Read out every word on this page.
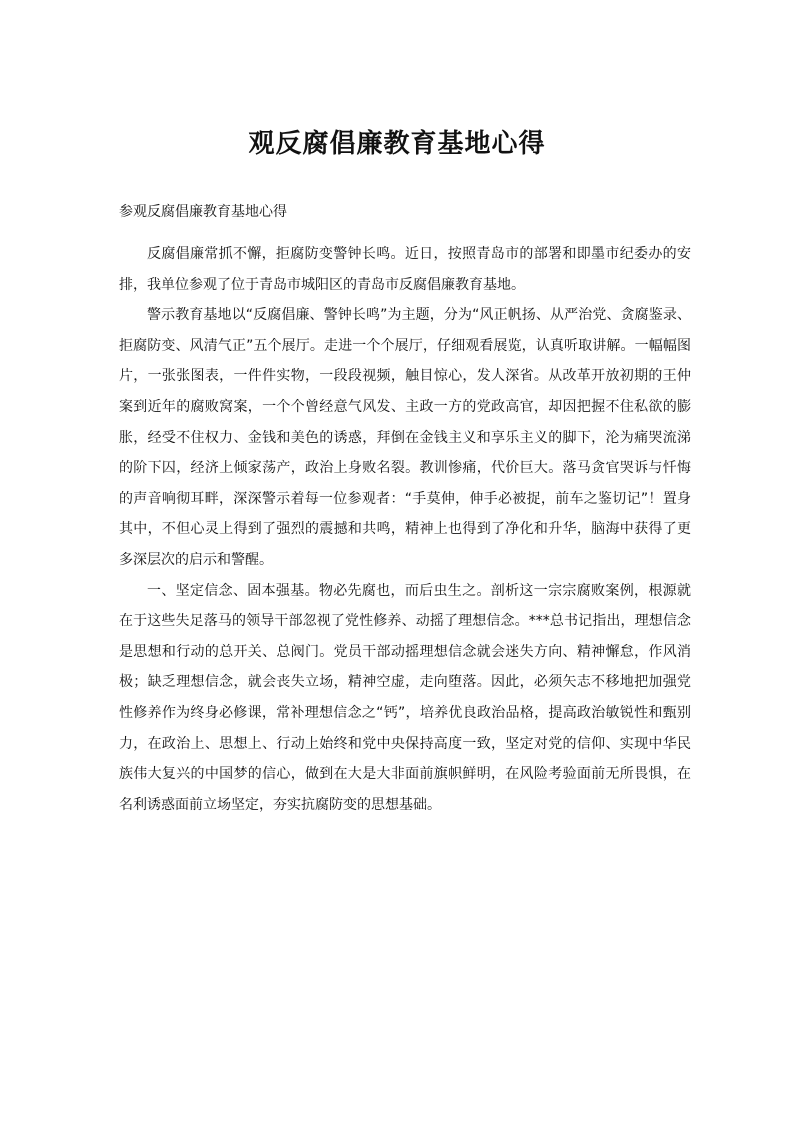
观反腐倡廉教育基地心得

参观反腐倡廉教育基地心得

反腐倡廉常抓不懈，拒腐防变警钟长鸣。近日，按照青岛市的部署和即墨市纪委办的安排，我单位参观了位于青岛市城阳区的青岛市反腐倡廉教育基地。

警示教育基地以“反腐倡廉、警钟长鸣”为主题，分为“风正帆扬、从严治党、贪腐鉴录、拒腐防变、风清气正”五个展厅。走进一个个展厅，仔细观看展览，认真听取讲解。一幅幅图片，一张张图表，一件件实物，一段段视频，触目惊心，发人深省。从改革开放初期的王仲案到近年的腐败窝案，一个个曾经意气风发、主政一方的党政高官，却因把握不住私欲的膨胀，经受不住权力、金钱和美色的诱惑，拜倒在金钱主义和享乐主义的脚下，沦为痛哭流涕的阶下囚，经济上倾家荡产，政治上身败名裂。教训惨痛，代价巨大。落马贪官哭诉与忏悔的声音响彻耳畔，深深警示着每一位参观者：“手莫伸，伸手必被捉，前车之鉴切记”！置身其中，不但心灵上得到了强烈的震撼和共鸣，精神上也得到了净化和升华，脑海中获得了更多深层次的启示和警醒。

一、坚定信念、固本强基。物必先腐也，而后虫生之。剖析这一宗宗腐败案例，根源就在于这些失足落马的领导干部忽视了党性修养、动摇了理想信念。***总书记指出，理想信念是思想和行动的总开关、总阀门。党员干部动摇理想信念就会迷失方向、精神懈怠，作风消极；缺乏理想信念，就会丧失立场，精神空虚，走向堕落。因此，必须矢志不移地把加强党性修养作为终身必修课，常补理想信念之“钙”，培养优良政治品格，提高政治敏锐性和甄别力，在政治上、思想上、行动上始终和党中央保持高度一致，坚定对党的信仰、实现中华民族伟大复兴的中国梦的信心，做到在大是大非面前旗帜鲜明，在风险考验面前无所畏惧，在名利诱惑面前立场坚定，夯实抗腐防变的思想基础。
